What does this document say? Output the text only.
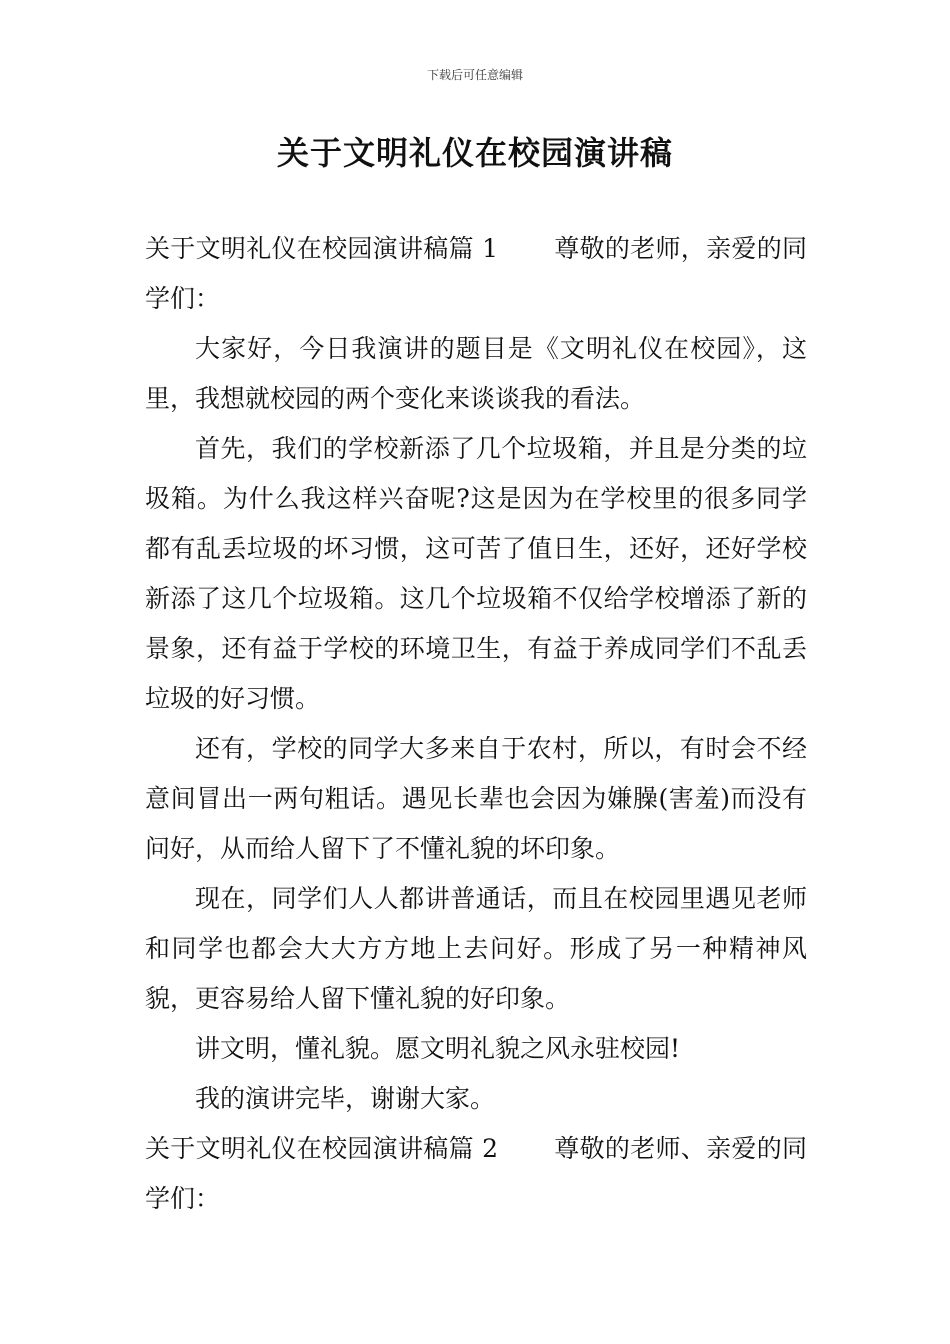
下载后可任意编辑
关于文明礼仪在校园演讲稿

关于文明礼仪在校园演讲稿篇 1 尊敬的老师，亲爱的同学们：

大家好，今日我演讲的题目是《文明礼仪在校园》，这里，我想就校园的两个变化来谈谈我的看法。

首先，我们的学校新添了几个垃圾箱，并且是分类的垃圾箱。为什么我这样兴奋呢?这是因为在学校里的很多同学都有乱丢垃圾的坏习惯，这可苦了值日生，还好，还好学校新添了这几个垃圾箱。这几个垃圾箱不仅给学校增添了新的景象，还有益于学校的环境卫生，有益于养成同学们不乱丢垃圾的好习惯。

还有，学校的同学大多来自于农村，所以，有时会不经意间冒出一两句粗话。遇见长辈也会因为嫌臊(害羞)而没有问好，从而给人留下了不懂礼貌的坏印象。

现在，同学们人人都讲普通话，而且在校园里遇见老师和同学也都会大大方方地上去问好。形成了另一种精神风貌，更容易给人留下懂礼貌的好印象。

讲文明，懂礼貌。愿文明礼貌之风永驻校园!

我的演讲完毕，谢谢大家。

关于文明礼仪在校园演讲稿篇 2 尊敬的老师、亲爱的同学们：
